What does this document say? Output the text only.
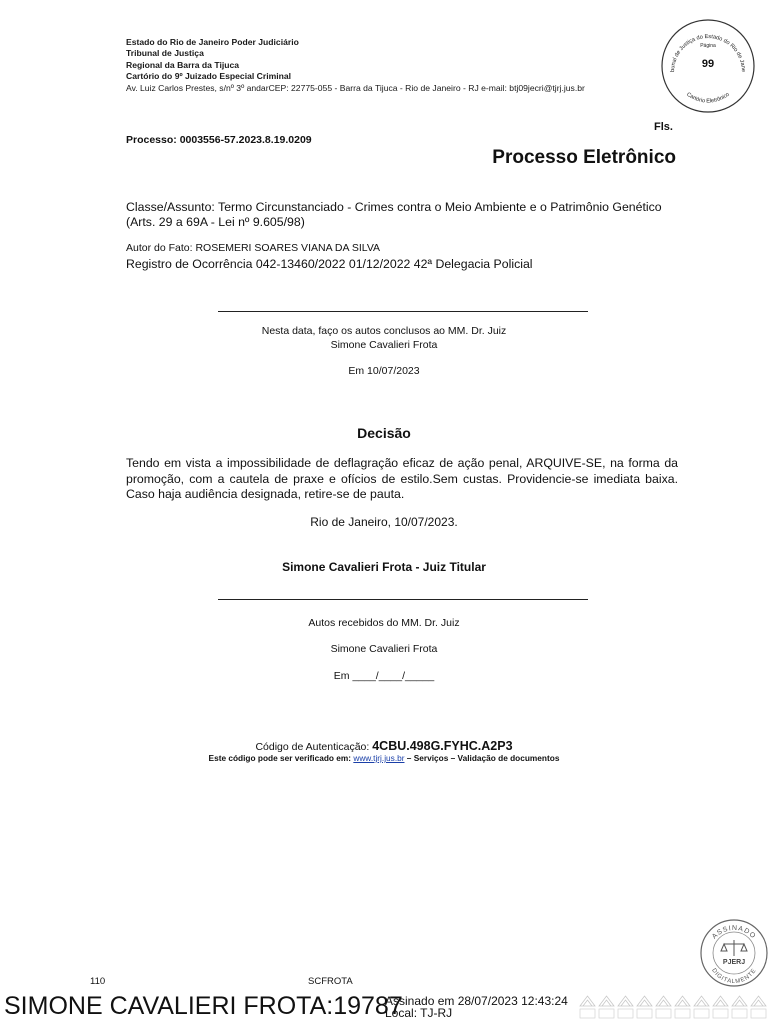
Estado do Rio de Janeiro Poder Judiciário
Tribunal de Justiça
Regional da Barra da Tijuca
Cartório do 9º Juizado Especial Criminal
Av. Luiz Carlos Prestes, s/nº 3º andarCEP: 22775-055 - Barra da Tijuca - Rio de Janeiro - RJ e-mail: btj09jecri@tjrj.jus.br
bunal de Justiça do Estado do Rio de Jane
Cartório Eletrônico
Página
99
Fls.
Processo: 0003556-57.2023.8.19.0209
Processo Eletrônico
Classe/Assunto: Termo Circunstanciado - Crimes contra o Meio Ambiente e o Patrimônio Genético (Arts. 29 a 69A - Lei nº 9.605/98)
Autor do Fato: ROSEMERI SOARES VIANA DA SILVA
Registro de Ocorrência 042-13460/2022 01/12/2022 42ª Delegacia Policial
Nesta data, faço os autos conclusos ao MM. Dr. Juiz
Simone Cavalieri Frota
Em 10/07/2023
Decisão
Tendo em vista a impossibilidade de deflagração eficaz de ação penal, ARQUIVE-SE, na forma da promoção, com a cautela de praxe e ofícios de estilo.Sem custas. Providencie-se imediata baixa. Caso haja audiência designada, retire-se de pauta.
Rio de Janeiro, 10/07/2023.
Simone Cavalieri Frota - Juiz Titular
Autos recebidos do MM. Dr. Juiz
Simone Cavalieri Frota
Em ____/____/_____
Código de Autenticação: 4CBU.498G.FYHC.A2P3
Este código pode ser verificado em: www.tjrj.jus.br – Serviços – Validação de documentos
ASSINADO
DIGITALMENTE
PJERJ
110	SCFROTA
SIMONE CAVALIERI FROTA:19787
Assinado em 28/07/2023 12:43:24
Local: TJ-RJ
